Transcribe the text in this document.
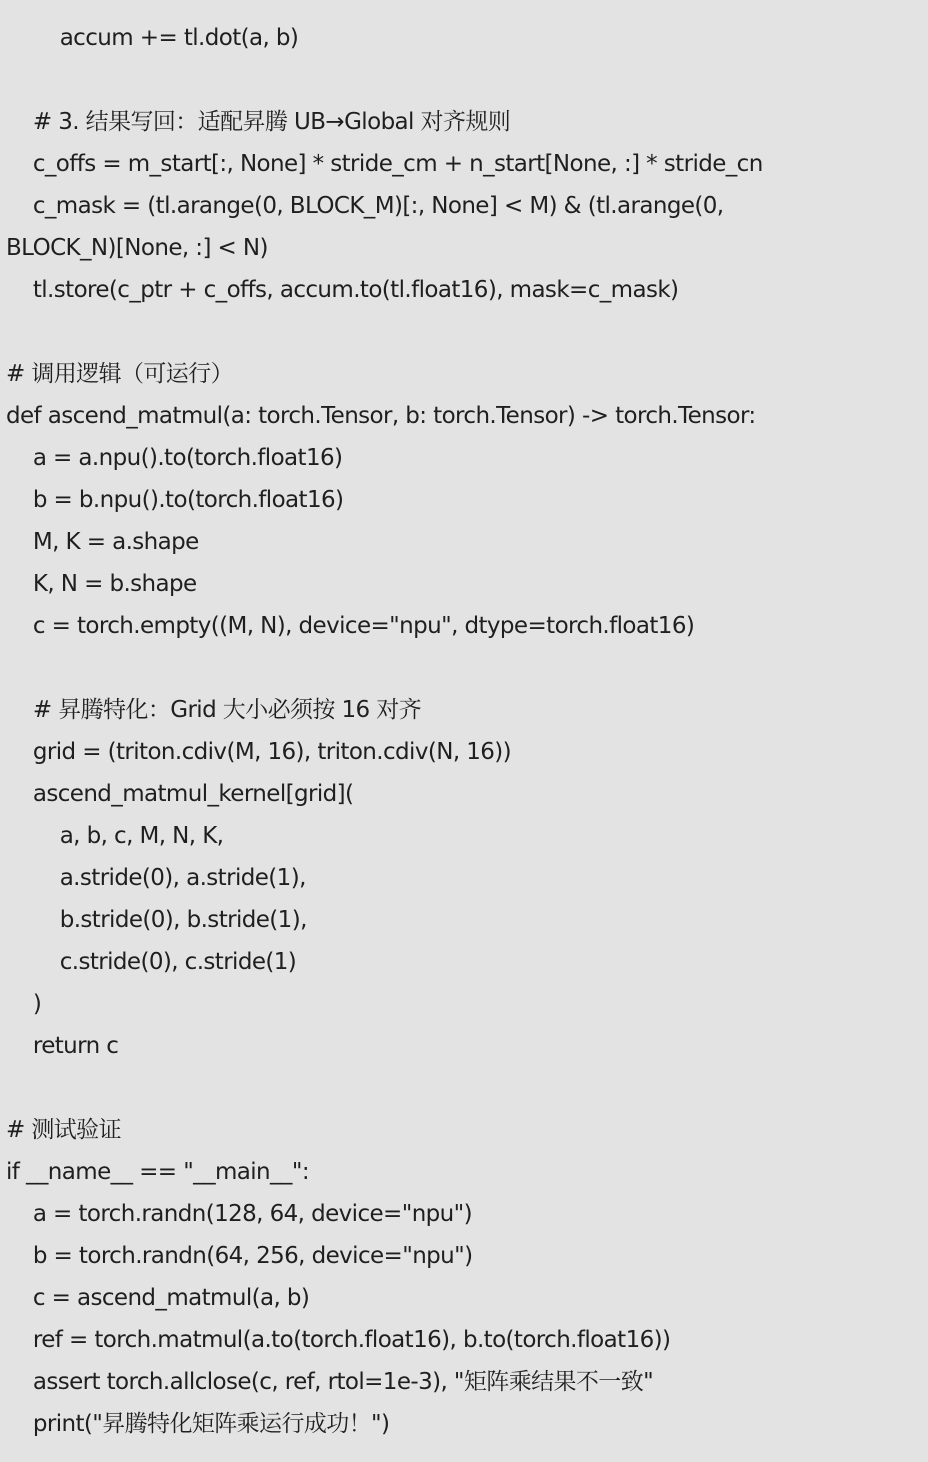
accum += tl.dot(a, b)
# 3. 结果写回：适配昇腾 UB→Global 对齐规则
c_offs = m_start[:, None] * stride_cm + n_start[None, :] * stride_cn
c_mask = (tl.arange(0, BLOCK_M)[:, None] < M) & (tl.arange(0,
BLOCK_N)[None, :] < N)
tl.store(c_ptr + c_offs, accum.to(tl.float16), mask=c_mask)
# 调用逻辑（可运行）
def ascend_matmul(a: torch.Tensor, b: torch.Tensor) -> torch.Tensor:
a = a.npu().to(torch.float16)
b = b.npu().to(torch.float16)
M, K = a.shape
K, N = b.shape
c = torch.empty((M, N), device="npu", dtype=torch.float16)
# 昇腾特化：Grid 大小必须按 16 对齐
grid = (triton.cdiv(M, 16), triton.cdiv(N, 16))
ascend_matmul_kernel[grid](
a, b, c, M, N, K,
a.stride(0), a.stride(1),
b.stride(0), b.stride(1),
c.stride(0), c.stride(1)
)
return c
# 测试验证
if __name__ == "__main__":
a = torch.randn(128, 64, device="npu")
b = torch.randn(64, 256, device="npu")
c = ascend_matmul(a, b)
ref = torch.matmul(a.to(torch.float16), b.to(torch.float16))
assert torch.allclose(c, ref, rtol=1e-3), "矩阵乘结果不一致"
print("昇腾特化矩阵乘运行成功！")
